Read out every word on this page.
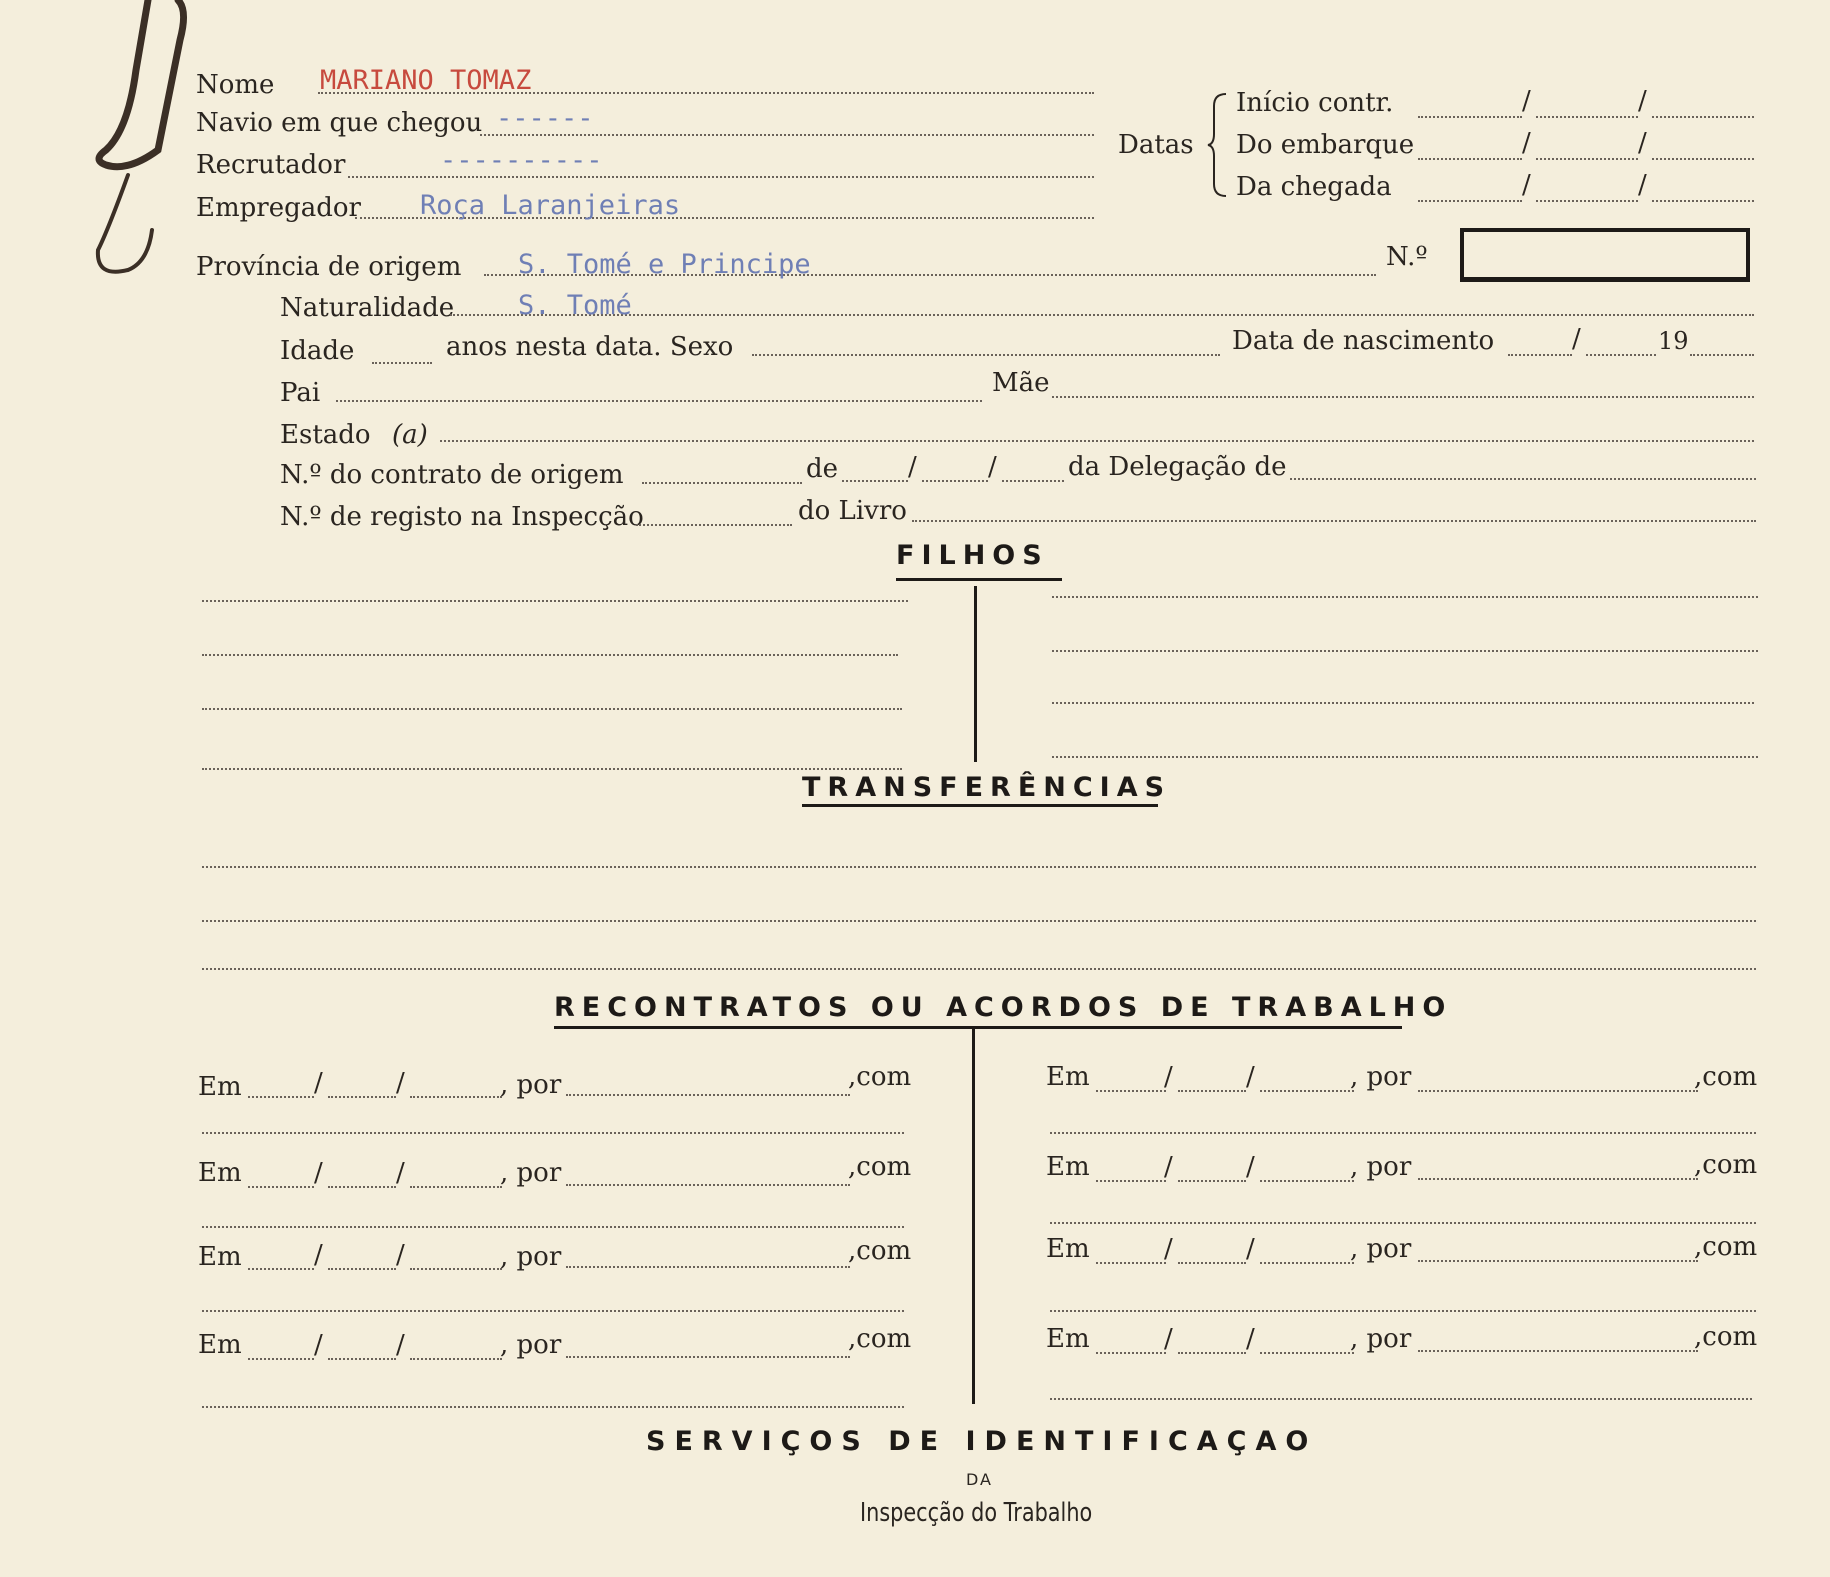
Nome MARIANO TOMAZ
Navio em que chegou ------
Recrutador	----------
Empregador Roça Laranjeiras
Datas
Início contr.	/	/
Do embarque	/	/
Da chegada	/	/
Província de origem S. Tomé e Principe	N.º
Naturalidade S. Tomé
Idade	anos nesta data. Sexo	Data de nascimento	/	19
Pai	Mãe
Estado (a)
N.º do contrato de origem	de	/	/	da Delegação de
N.º de registo na Inspecção	do Livro
FILHOS
TRANSFERÊNCIAS
RECONTRATOS OU ACORDOS DE TRABALHO
Em	/	/	, por	,com
Em	/	/	, por	,com
Em	/	/	, por	,com
Em	/	/	, por	,com
Em	/	/	, por	,com
Em	/	/	, por	,com
Em	/	/	, por	,com
Em	/	/	, por	,com
SERVIÇOS DE IDENTIFICAÇAO
DA
Inspecção do Trabalho
